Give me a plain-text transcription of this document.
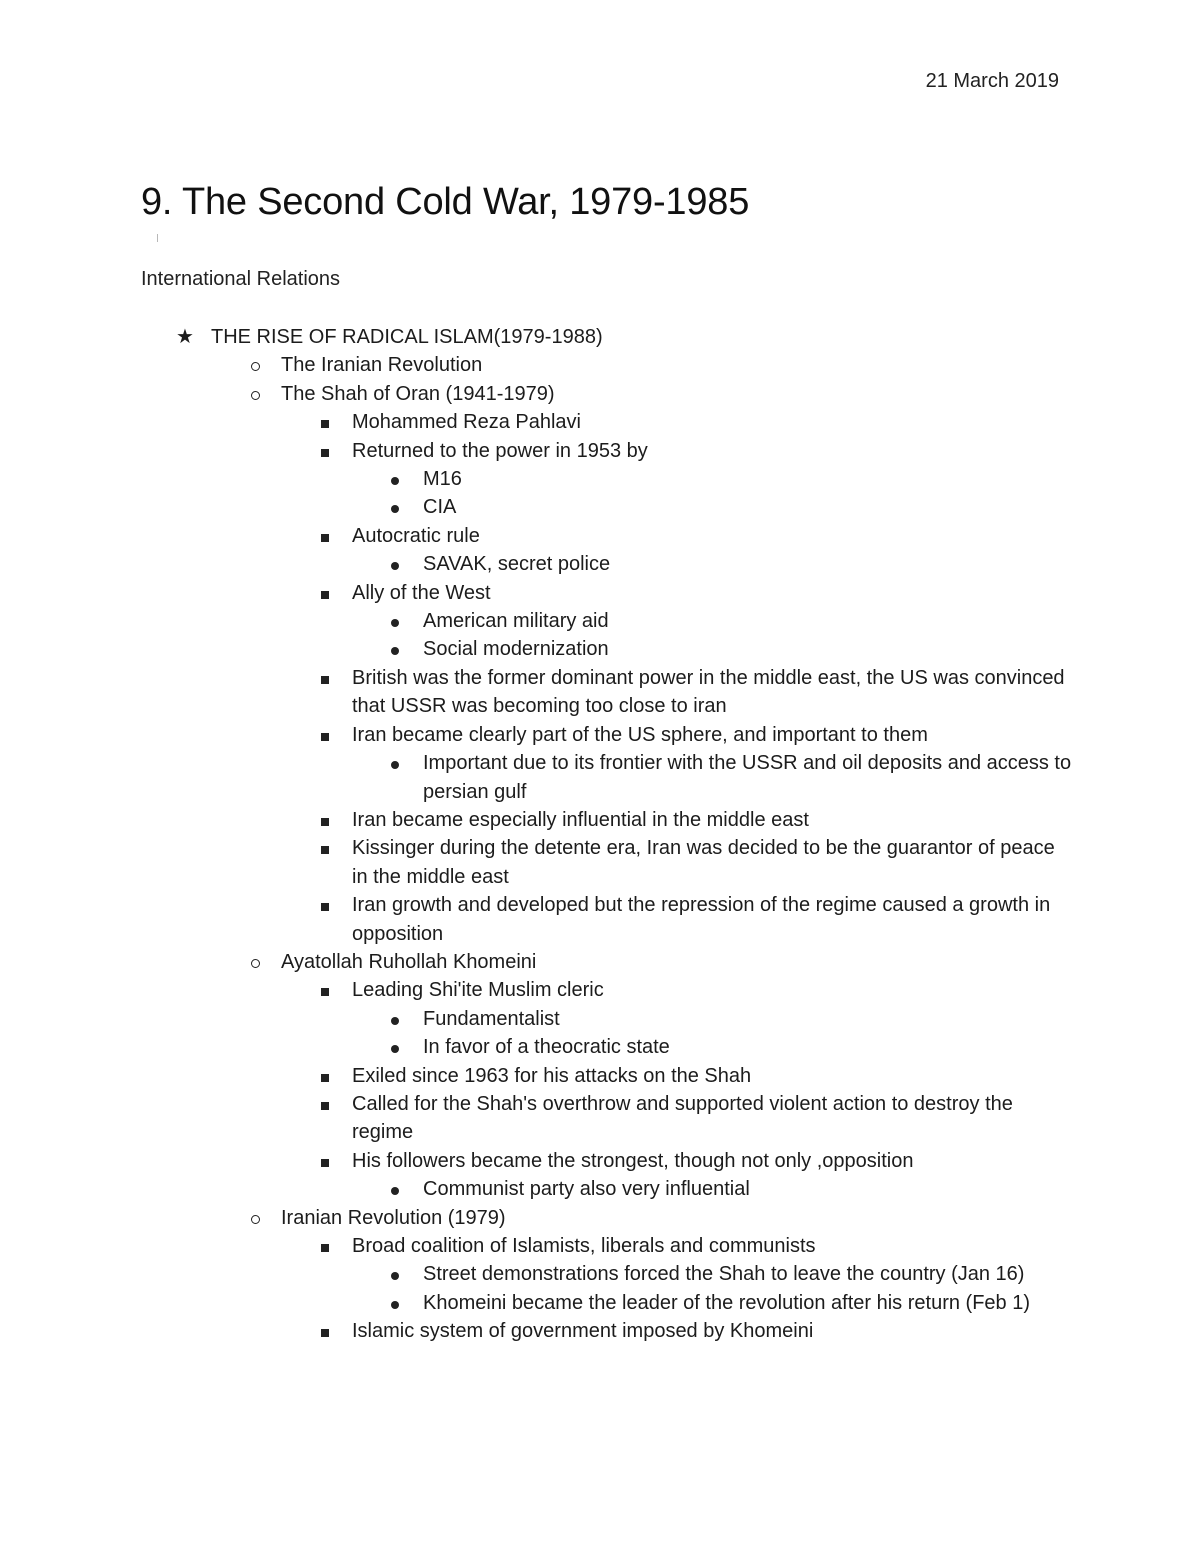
21 March 2019
9. The Second Cold War, 1979-1985
International Relations
★ THE RISE OF RADICAL ISLAM(1979-1988)
The Iranian Revolution
The Shah of Oran (1941-1979)
Mohammed Reza Pahlavi
Returned to the power in 1953 by
M16
CIA
Autocratic rule
SAVAK, secret police
Ally of the West
American military aid
Social modernization
British was the former dominant power in the middle east, the US was convinced that USSR was becoming too close to iran
Iran became clearly part of the US sphere, and important to them
Important due to its frontier with the USSR and oil deposits and access to persian gulf
Iran became especially influential in the middle east
Kissinger during the detente era, Iran was decided to be the guarantor of peace in the middle east
Iran growth and developed but the repression of the regime caused a growth in opposition
Ayatollah Ruhollah Khomeini
Leading Shi'ite Muslim cleric
Fundamentalist
In favor of a theocratic state
Exiled since 1963 for his attacks on the Shah
Called for the Shah's overthrow and supported violent action to destroy the regime
His followers became the strongest, though not only ,opposition
Communist party also very influential
Iranian Revolution (1979)
Broad coalition of Islamists, liberals and communists
Street demonstrations forced the Shah to leave the country (Jan 16)
Khomeini became the leader of the revolution after his return (Feb 1)
Islamic system of government imposed by Khomeini
